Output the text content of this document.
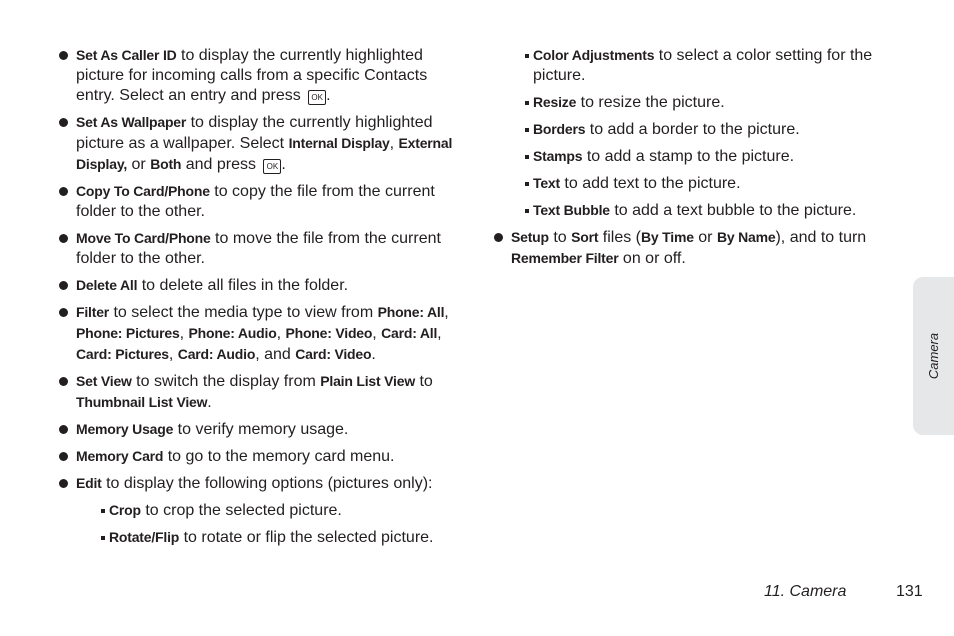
Set As Caller ID to display the currently highlighted picture for incoming calls from a specific Contacts entry. Select an entry and press OK .
Set As Wallpaper to display the currently highlighted picture as a wallpaper. Select Internal Display, External Display, or Both and press OK .
Copy To Card/Phone to copy the file from the current folder to the other.
Move To Card/Phone to move the file from the current folder to the other.
Delete All to delete all files in the folder.
Filter to select the media type to view from Phone: All, Phone: Pictures, Phone: Audio, Phone: Video, Card: All, Card: Pictures, Card: Audio, and Card: Video.
Set View to switch the display from Plain List View to Thumbnail List View.
Memory Usage to verify memory usage.
Memory Card to go to the memory card menu.
Edit to display the following options (pictures only):
Crop to crop the selected picture.
Rotate/Flip to rotate or flip the selected picture.
Color Adjustments to select a color setting for the picture.
Resize to resize the picture.
Borders to add a border to the picture.
Stamps to add a stamp to the picture.
Text to add text to the picture.
Text Bubble to add a text bubble to the picture.
Setup to Sort files (By Time or By Name), and to turn Remember Filter on or off.
Camera
11. Camera	131
